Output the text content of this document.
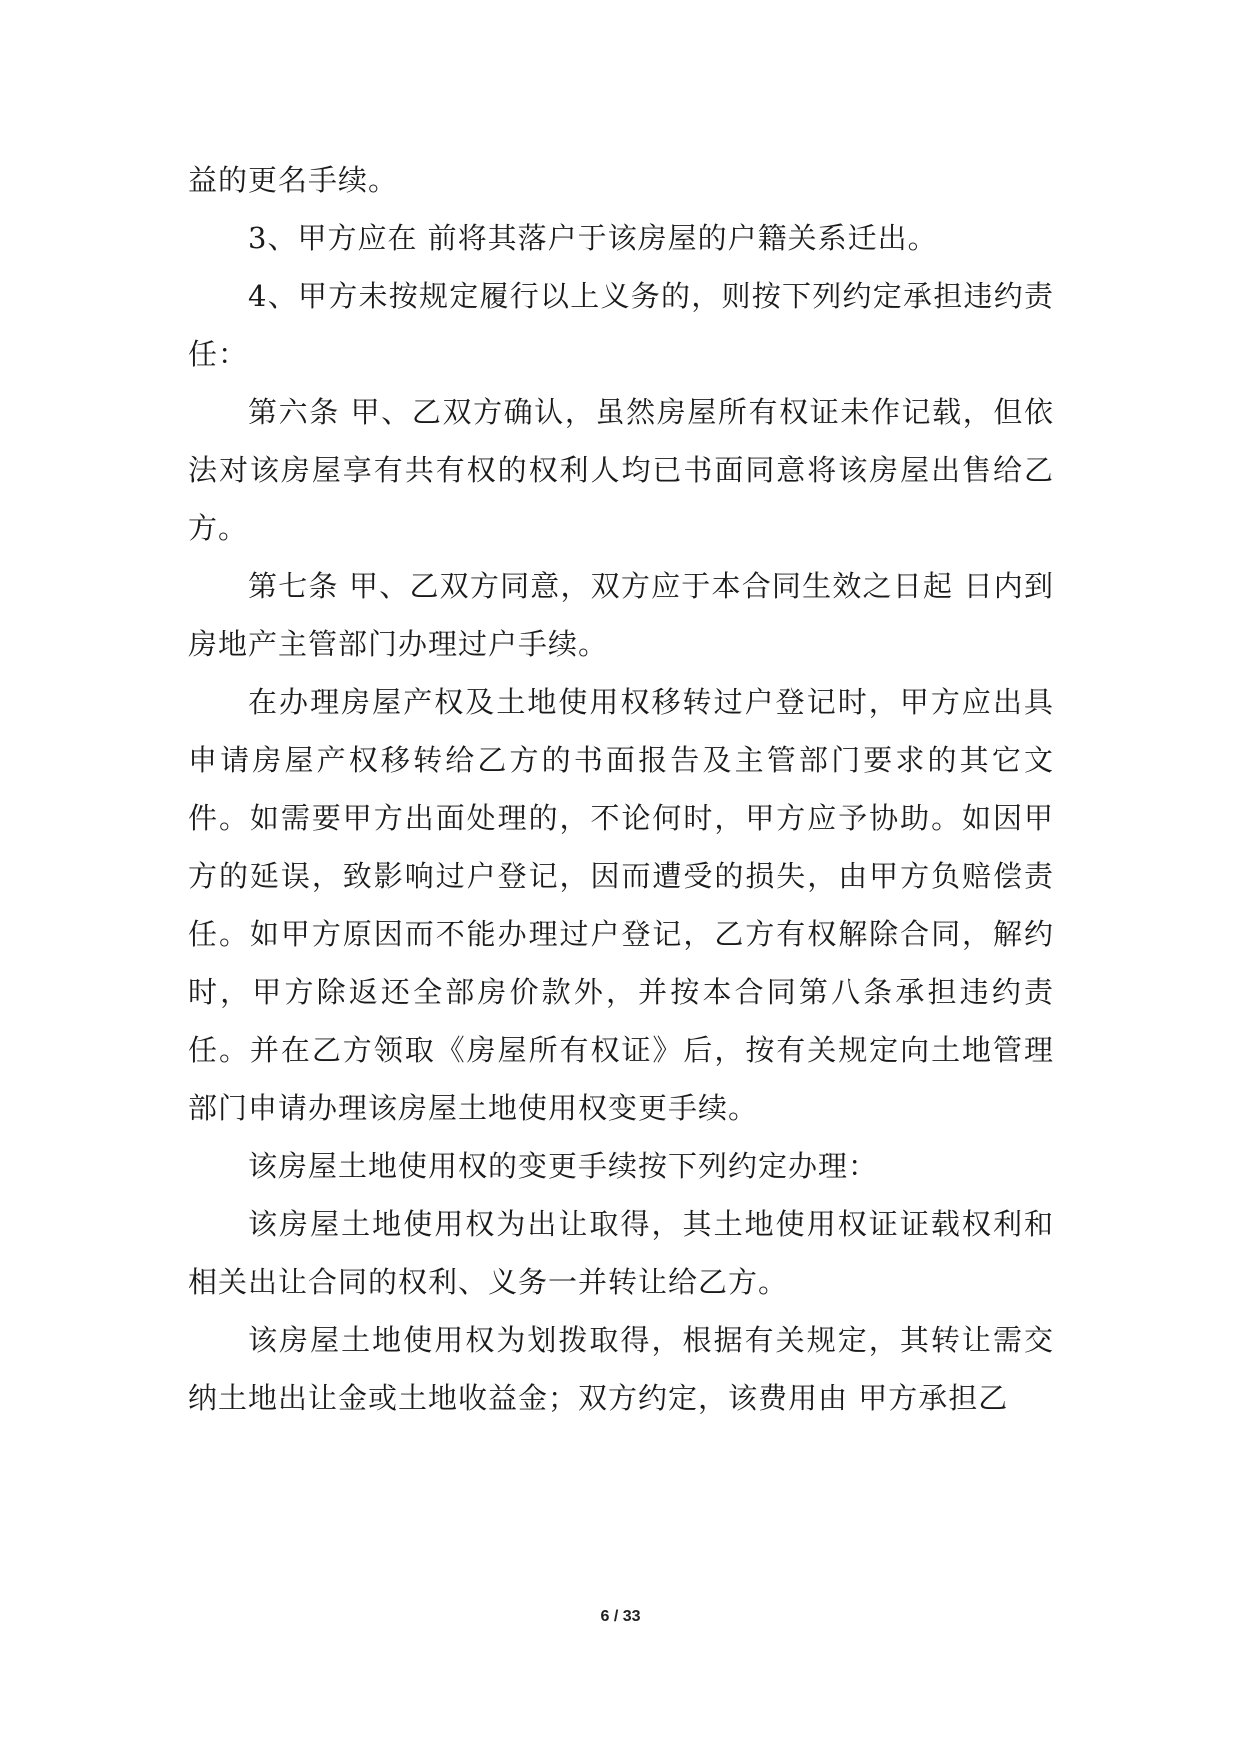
益的更名手续。

3、甲方应在 前将其落户于该房屋的户籍关系迁出。

4、甲方未按规定履行以上义务的，则按下列约定承担违约责任：

第六条 甲、乙双方确认，虽然房屋所有权证未作记载，但依法对该房屋享有共有权的权利人均已书面同意将该房屋出售给乙方。

第七条 甲、乙双方同意，双方应于本合同生效之日起 日内到房地产主管部门办理过户手续。

在办理房屋产权及土地使用权移转过户登记时，甲方应出具申请房屋产权移转给乙方的书面报告及主管部门要求的其它文件。如需要甲方出面处理的，不论何时，甲方应予协助。如因甲方的延误，致影响过户登记，因而遭受的损失，由甲方负赔偿责任。如甲方原因而不能办理过户登记，乙方有权解除合同，解约时，甲方除返还全部房价款外，并按本合同第八条承担违约责任。并在乙方领取《房屋所有权证》后，按有关规定向土地管理部门申请办理该房屋土地使用权变更手续。

该房屋土地使用权的变更手续按下列约定办理：

该房屋土地使用权为出让取得，其土地使用权证证载权利和相关出让合同的权利、义务一并转让给乙方。

该房屋土地使用权为划拨取得，根据有关规定，其转让需交纳土地出让金或土地收益金；双方约定，该费用由 甲方承担乙

6 / 33
